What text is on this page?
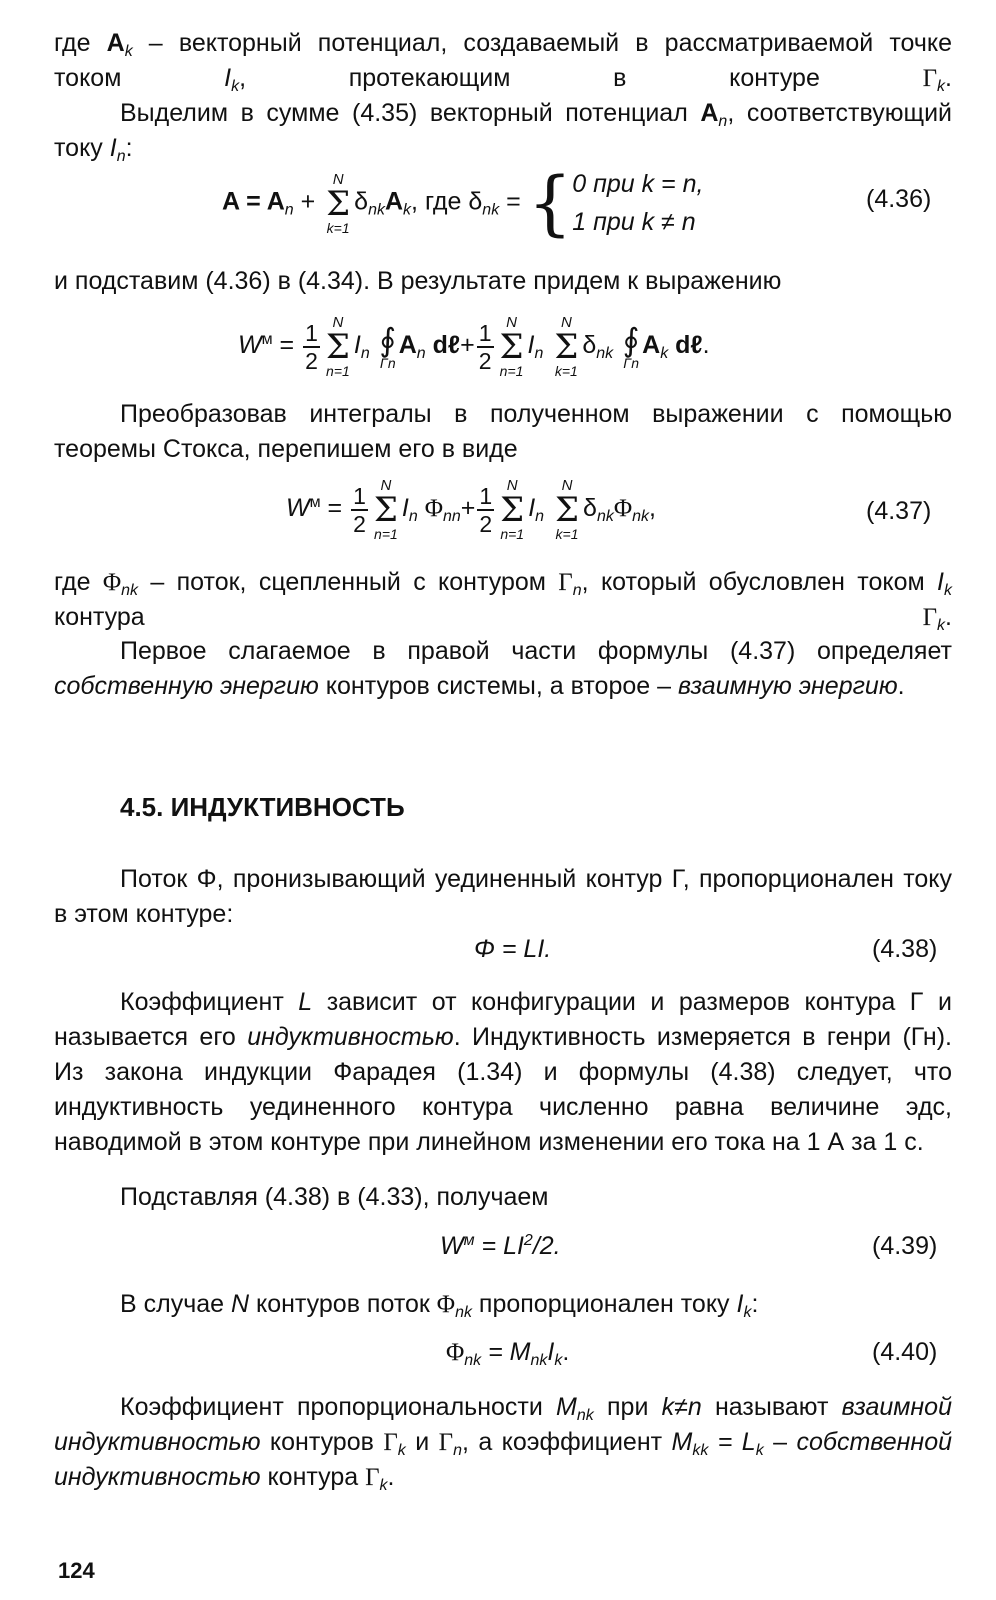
где $A_k$ – векторный потенциал, создаваемый в рассматриваемой точке током $I_k$, протекающим в контуре $\Gamma_k$.

Выделим в сумме (4.35) векторный потенциал $A_n$, соответствующий току $I_n$:

$A = A_n$ +
N
Σ
k=1
$\delta_{nk}A_k$, где $\delta_{nk} = \{0$ при k = n,
1 при k ≠ n
(4.36)

и подставим (4.36) в (4.34). В результате придем к выражению

$W^м = \frac{1}{2}$ N
Σ
n=1
$I_n$ ∮
Γn
$A_n$ dℓ+ $\frac{1}{2}$ N
Σ
n=1
$I_n$
N
Σ
k=1
$\delta_{nk}$ ∮
Γn
$A_k$ dℓ.

Преобразовав интегралы в полученном выражении с помощью теоремы Стокса, перепишем его в виде

$W^м = \frac{1}{2}$ N
Σ
n=1
$I_n$ $\Phi_{nn}+ \frac{1}{2}$ N
Σ
n=1
$I_n$
N
Σ
k=1
$\delta_{nk}\Phi_{nk}$,	(4.37)

где $\Phi_{nk}$ – поток, сцепленный с контуром $\Gamma_n$, который обусловлен током $I_k$ контура $\Gamma_k$.

Первое слагаемое в правой части формулы (4.37) определяет собственную энергию контуров системы, а второе – взаимную энергию.

4.5. ИНДУКТИВНОСТЬ

Поток Φ, пронизывающий уединенный контур Γ, пропорционален току в этом контуре:

Φ = LI.	(4.38)

Коэффициент L зависит от конфигурации и размеров контура Γ и называется его индуктивностью. Индуктивность измеряется в генри (Гн). Из закона индукции Фарадея (1.34) и формулы (4.38) следует, что индуктивность уединенного контура численно равна величине эдс, наводимой в этом контуре при линейном изменении его тока на 1 А за 1 с.

Подставляя (4.38) в (4.33), получаем

$W^м = LI^2/2$.	(4.39)

В случае N контуров поток $\Phi_{nk}$ пропорционален току $I_k$:

$\Phi_{nk} = M_{nk}I_k$.	(4.40)

Коэффициент пропорциональности $M_{nk}$ при k≠n называют взаимной индуктивностью контуров $\Gamma_k$ и $\Gamma_n$, а коэффициент $M_{kk} = L_k$ – собственной индуктивностью контура $\Gamma_k$.

124
